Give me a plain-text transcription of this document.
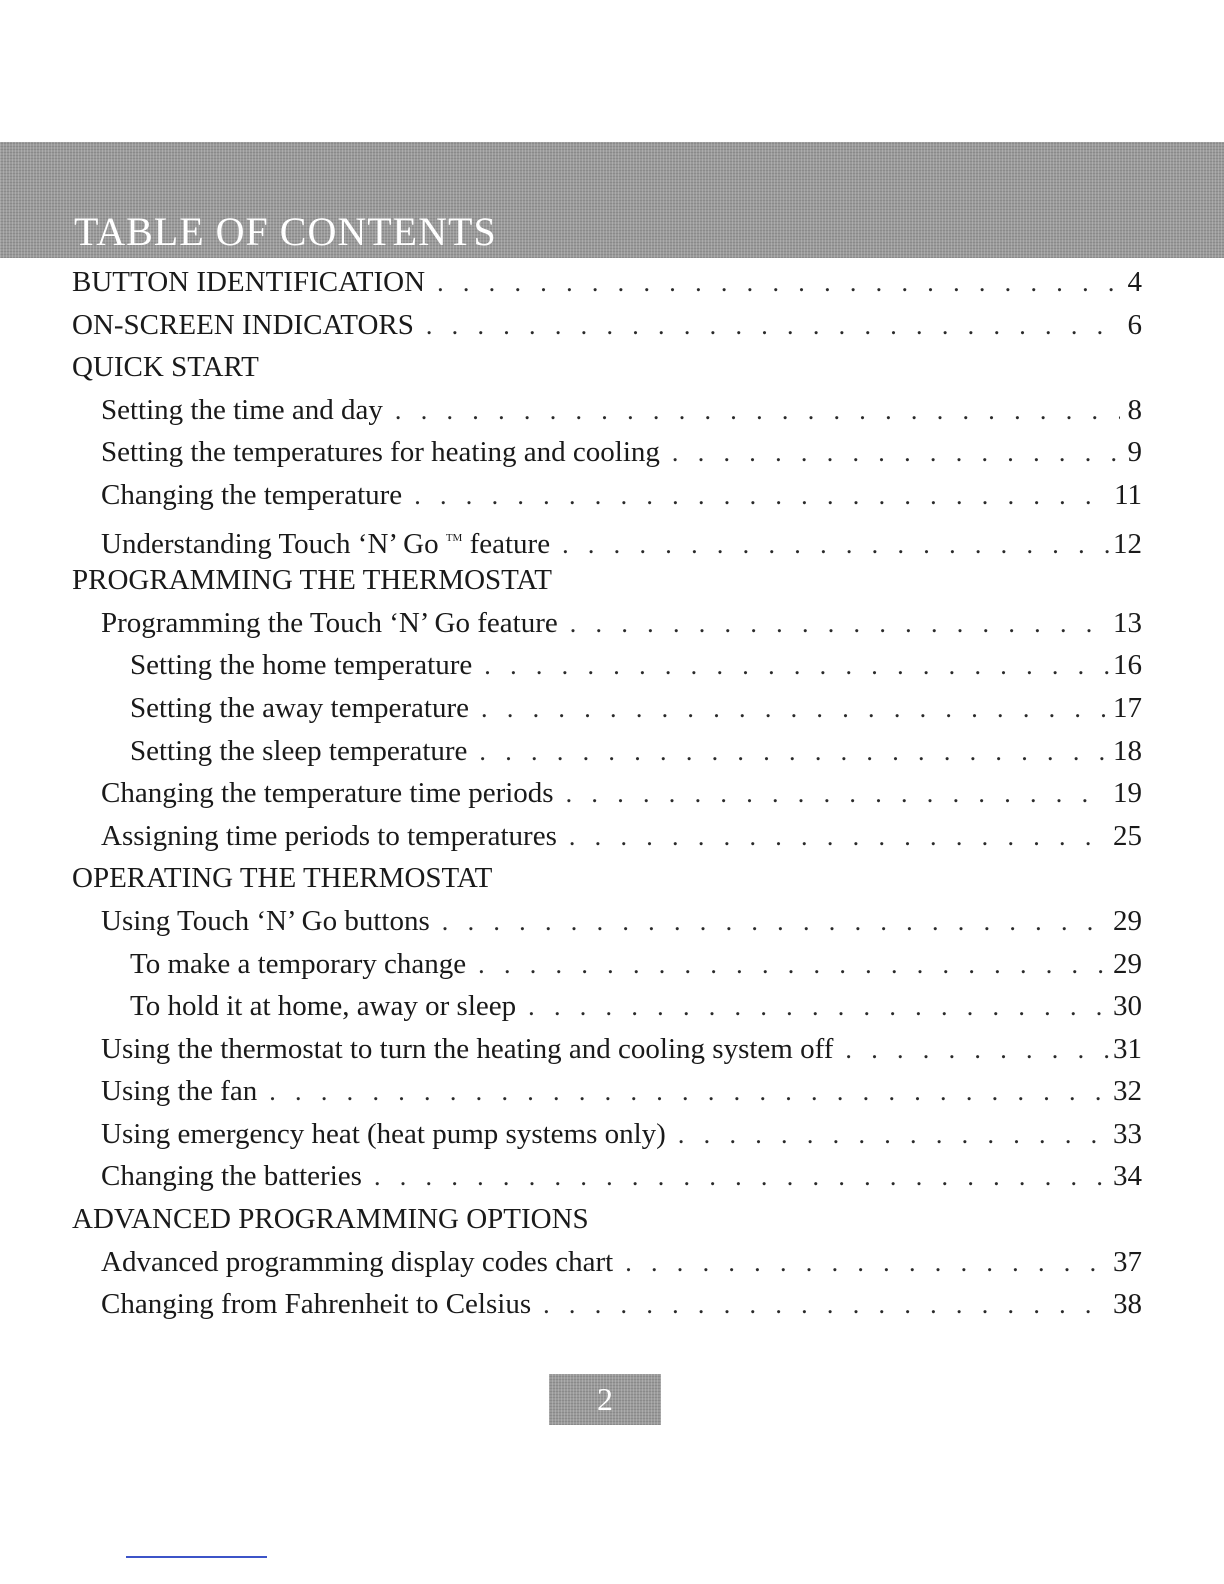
TABLE OF CONTENTS
BUTTON IDENTIFICATION . . .	4
ON-SCREEN INDICATORS . . .	6
QUICK START
Setting the time and day . . .	8
Setting the temperatures for heating and cooling . . .	9
Changing the temperature . . .	11
Understanding Touch ‘N’ Go ™ feature . . .	12
PROGRAMMING THE THERMOSTAT
Programming the Touch ‘N’ Go feature . . .	13
Setting the home temperature . . .	16
Setting the away temperature . . .	17
Setting the sleep temperature . . .	18
Changing the temperature time periods . . .	19
Assigning time periods to temperatures . . .	25
OPERATING THE THERMOSTAT
Using Touch ‘N’ Go buttons . . .	29
To make a temporary change . . .	29
To hold it at home, away or sleep . . .	30
Using the thermostat to turn the heating and cooling system off . . .	31
Using the fan . . .	32
Using emergency heat (heat pump systems only) . . .	33
Changing the batteries . . .	34
ADVANCED PROGRAMMING OPTIONS
Advanced programming display codes chart . . .	37
Changing from Fahrenheit to Celsius . . .	38
2
